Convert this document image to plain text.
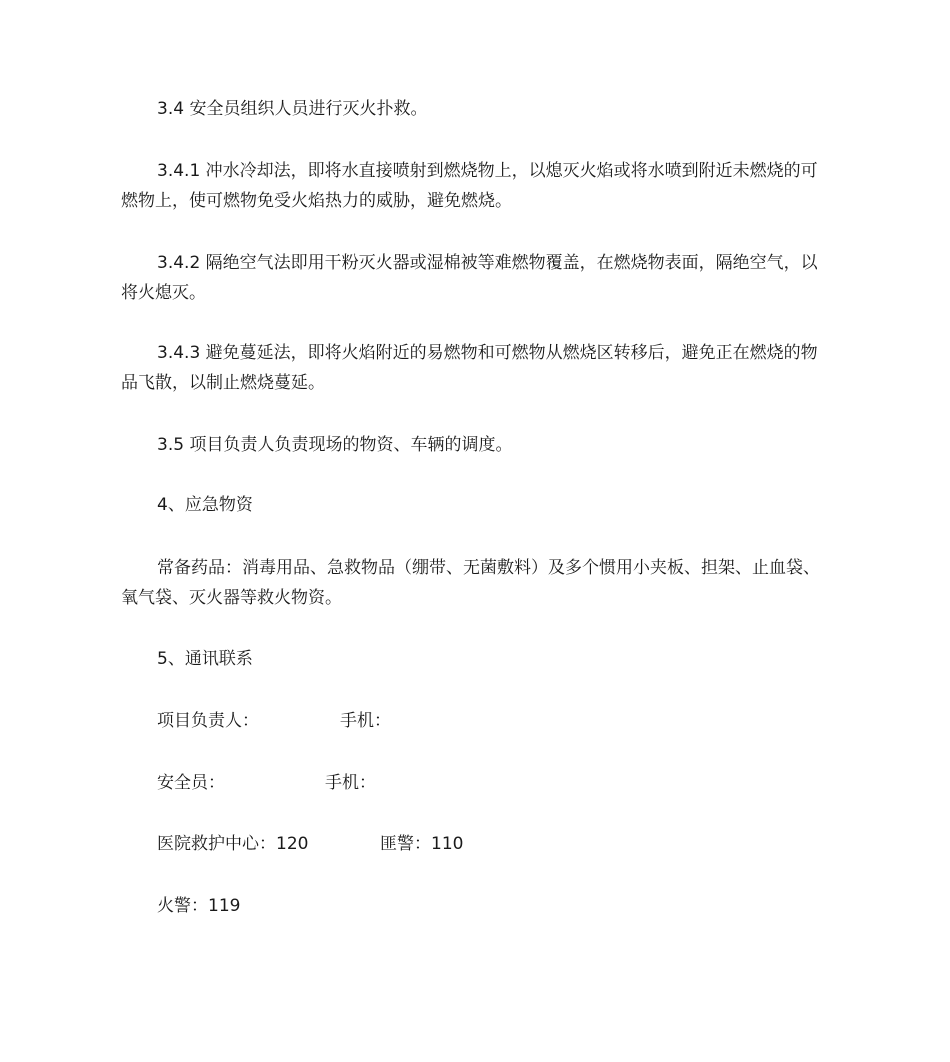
3.4 安全员组织人员进行灭火扑救。

3.4.1 冲水冷却法，即将水直接喷射到燃烧物上，以熄灭火焰或将水喷到附近未燃烧的可燃物上，使可燃物免受火焰热力的威胁，避免燃烧。

3.4.2 隔绝空气法即用干粉灭火器或湿棉被等难燃物覆盖，在燃烧物表面，隔绝空气，以将火熄灭。

3.4.3 避免蔓延法，即将火焰附近的易燃物和可燃物从燃烧区转移后，避免正在燃烧的物品飞散，以制止燃烧蔓延。

3.5 项目负责人负责现场的物资、车辆的调度。

4、应急物资

常备药品：消毒用品、急救物品（绷带、无菌敷料）及多个惯用小夹板、担架、止血袋、氧气袋、灭火器等救火物资。

5、通讯联系

项目负责人：	手机：
安全员：	手机：
医院救护中心：120	匪警：110
火警：119
